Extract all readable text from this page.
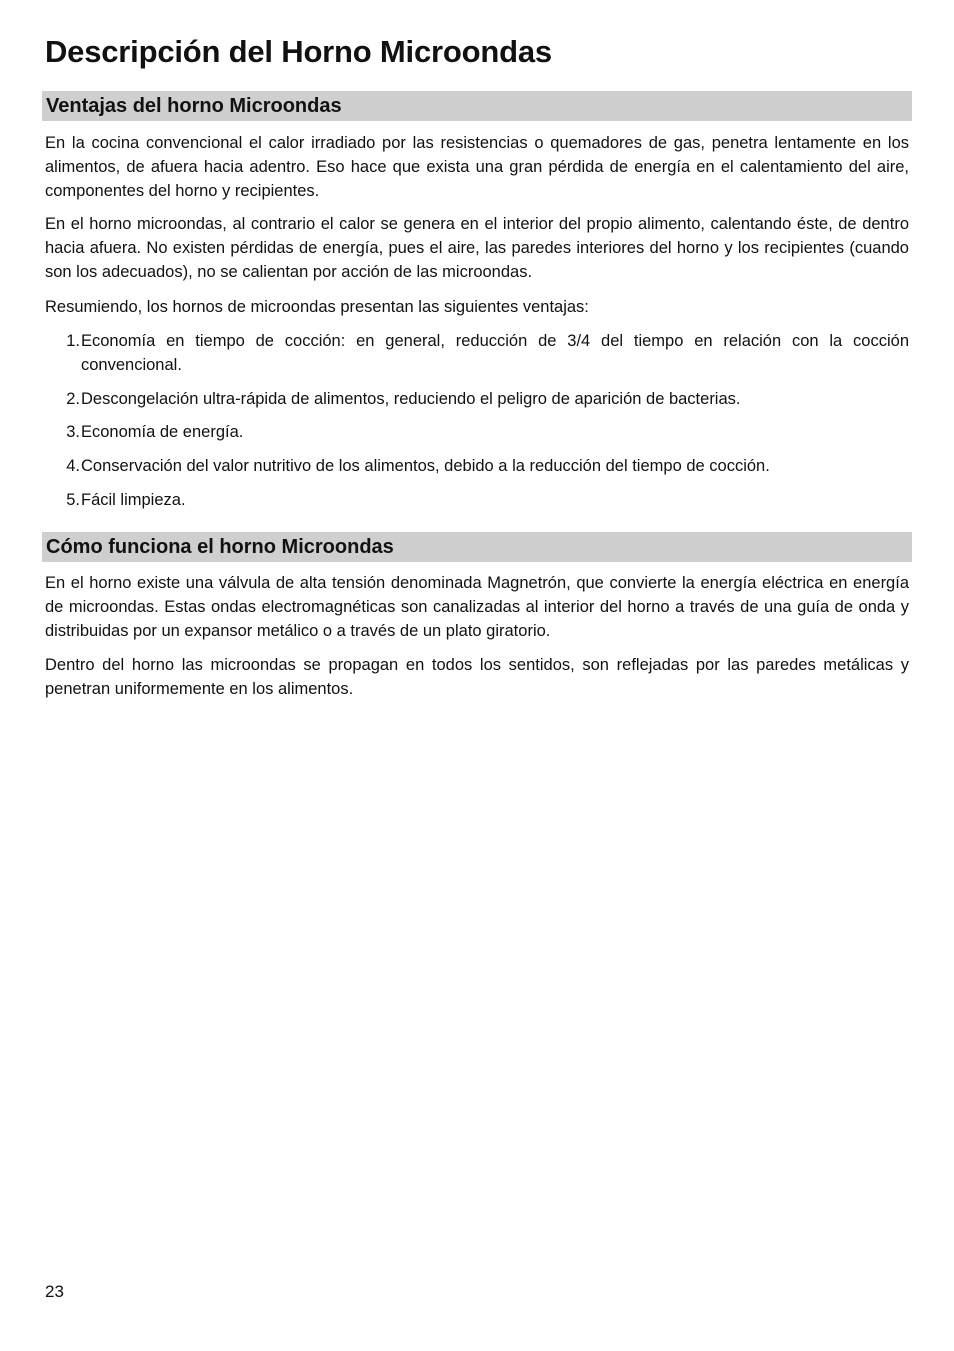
Descripción del Horno Microondas
Ventajas del horno Microondas

En la cocina convencional el calor irradiado por las resistencias o quemadores de gas, penetra lentamente en los alimentos, de afuera hacia adentro. Eso hace que exista una gran pérdida de energía en el calentamiento del aire, componentes del horno y recipientes.

En el horno microondas, al contrario el calor se genera en el interior del propio alimento, calentando éste, de dentro hacia afuera. No existen pérdidas de energía, pues el aire, las paredes interiores del horno y los recipientes (cuando son los adecuados), no se calientan por acción de las microondas.

Resumiendo, los hornos de microondas presentan las siguientes ventajas:

1. Economía en tiempo de cocción: en general, reducción de 3/4 del tiempo en relación con la cocción convencional.
2. Descongelación ultra-rápida de alimentos, reduciendo el peligro de aparición de bacterias.
3. Economía de energía.
4. Conservación del valor nutritivo de los alimentos, debido a la reducción del tiempo de cocción.
5. Fácil limpieza.
Cómo funciona el horno Microondas

En el horno existe una válvula de alta tensión denominada Magnetrón, que convierte la energía eléctrica en energía de microondas. Estas ondas electromagnéticas son canalizadas al interior del horno a través de una guía de onda y distribuidas por un expansor metálico o a través de un plato giratorio.

Dentro del horno las microondas se propagan en todos los sentidos, son reflejadas por las paredes metálicas y penetran uniformemente en los alimentos.

23
